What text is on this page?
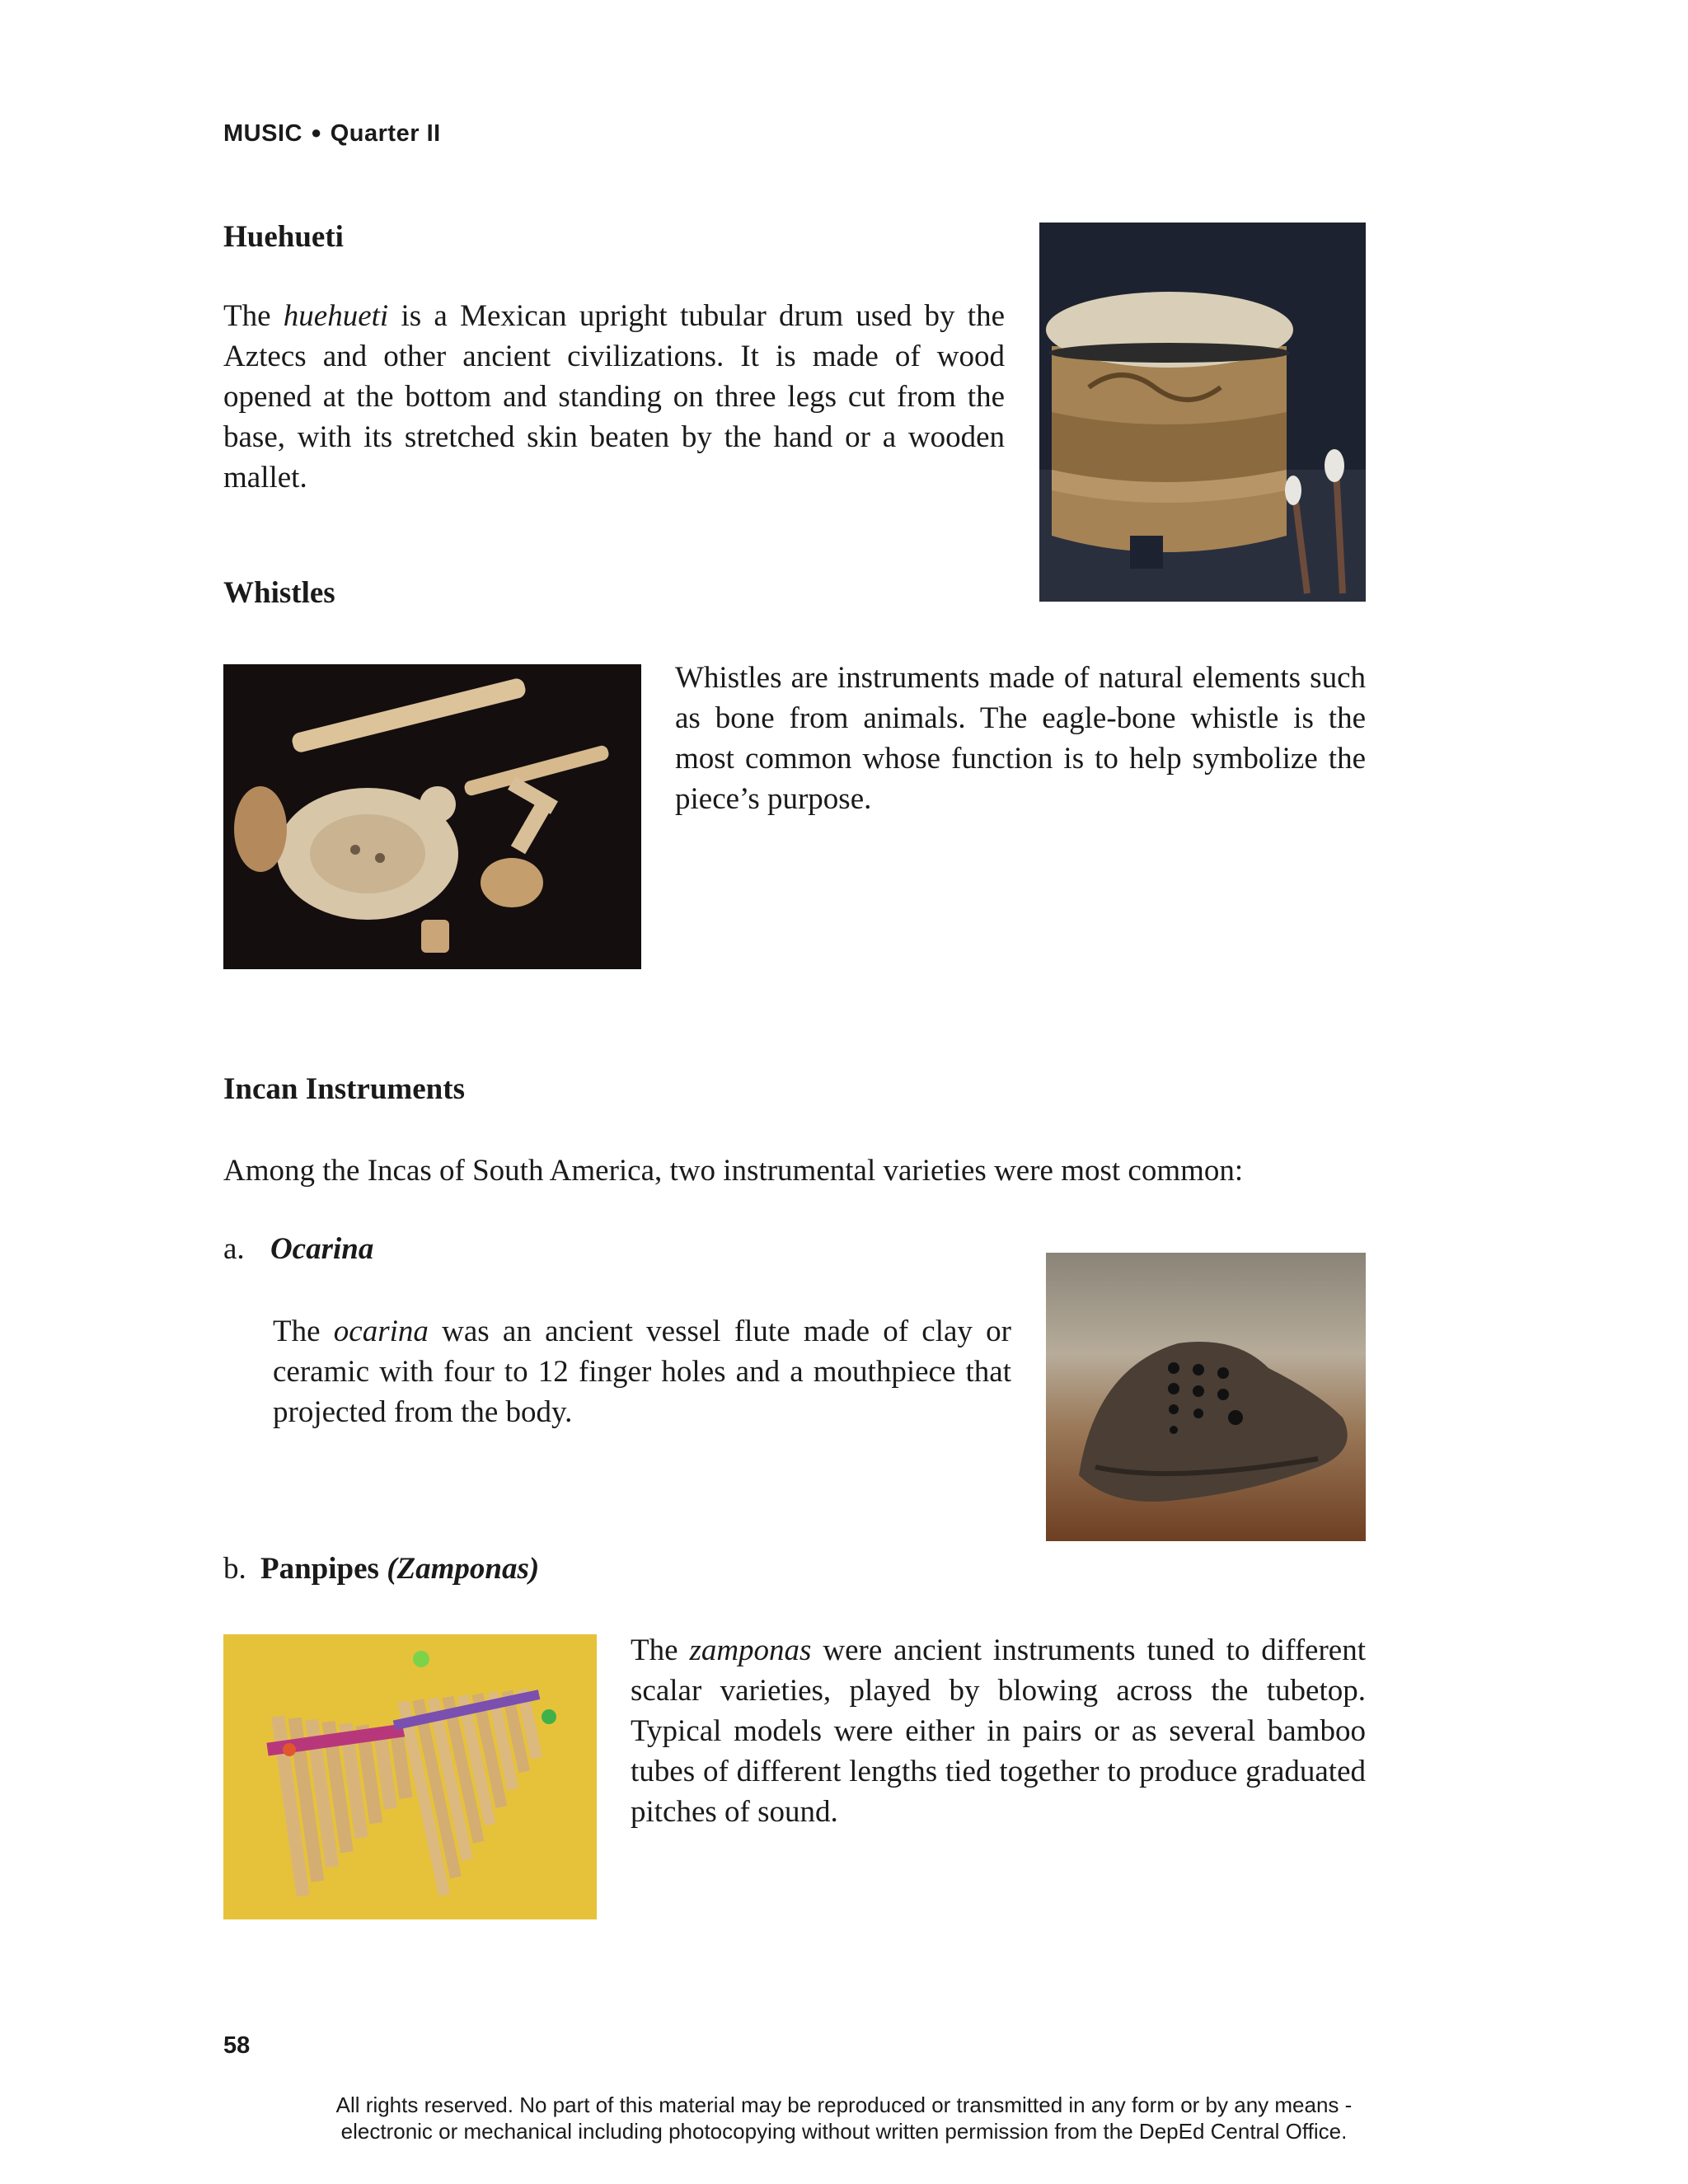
MUSIC ● Quarter II
Huehueti

The huehueti is a Mexican upright tubular drum used by the Aztecs and other ancient civilizations. It is made of wood opened at the bottom and standing on three legs cut from the base, with its stretched skin beaten by the hand or a wooden mallet.

Whistles

Whistles are instruments made of natural elements such as bone from animals. The eagle-bone whistle is the most common whose function is to help symbolize the piece’s purpose.

Incan Instruments

Among the Incas of South America, two instrumental varieties were most common:

a. Ocarina

The ocarina was an ancient vessel flute made of clay or ceramic with four to 12 finger holes and a mouthpiece that projected from the body.

b. Panpipes (Zamponas)

The zamponas were ancient instruments tuned to different scalar varieties, played by blowing across the tubetop. Typical models were either in pairs or as several bamboo tubes of different lengths tied together to produce graduated pitches of sound.

58
All rights reserved. No part of this material may be reproduced or transmitted in any form or by any means -
electronic or mechanical including photocopying without written permission from the DepEd Central Office.
